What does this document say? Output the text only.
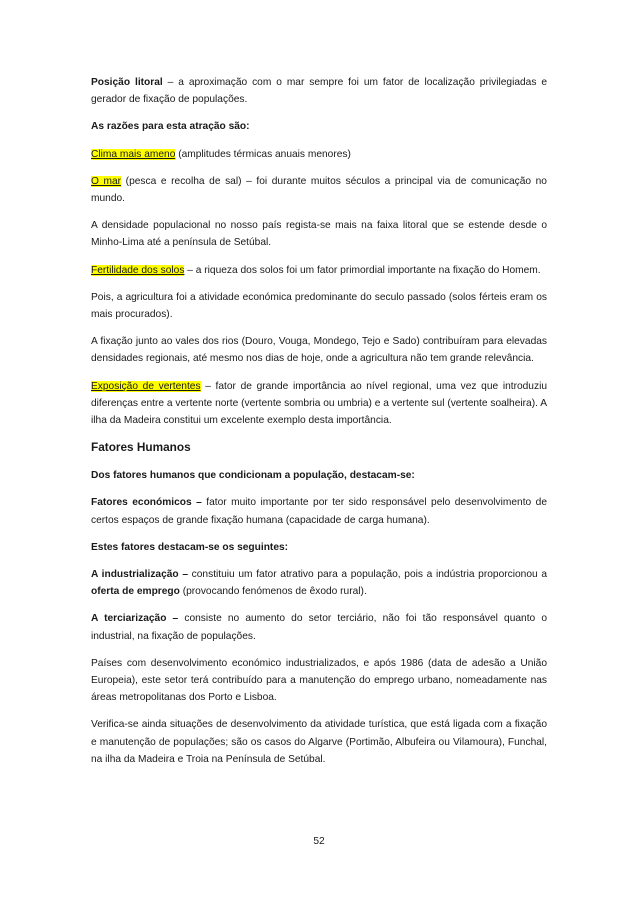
Posição litoral – a aproximação com o mar sempre foi um fator de localização privilegiadas e gerador de fixação de populações.

As razões para esta atração são:

Clima mais ameno (amplitudes térmicas anuais menores)

O mar (pesca e recolha de sal) – foi durante muitos séculos a principal via de comunicação no mundo.

A densidade populacional no nosso país regista-se mais na faixa litoral que se estende desde o Minho-Lima até a península de Setúbal.

Fertilidade dos solos – a riqueza dos solos foi um fator primordial importante na fixação do Homem.

Pois, a agricultura foi a atividade económica predominante do seculo passado (solos férteis eram os mais procurados).

A fixação junto ao vales dos rios (Douro, Vouga, Mondego, Tejo e Sado) contribuíram para elevadas densidades regionais, até mesmo nos dias de hoje, onde a agricultura não tem grande relevância.

Exposição de vertentes – fator de grande importância ao nível regional, uma vez que introduziu diferenças entre a vertente norte (vertente sombria ou umbria) e a vertente sul (vertente soalheira). A ilha da Madeira constitui um excelente exemplo desta importância.

Fatores Humanos

Dos fatores humanos que condicionam a população, destacam-se:

Fatores económicos – fator muito importante por ter sido responsável pelo desenvolvimento de certos espaços de grande fixação humana (capacidade de carga humana).

Estes fatores destacam-se os seguintes:

A industrialização – constituiu um fator atrativo para a população, pois a indústria proporcionou a oferta de emprego (provocando fenómenos de êxodo rural).

A terciarização – consiste no aumento do setor terciário, não foi tão responsável quanto o industrial, na fixação de populações.

Países com desenvolvimento económico industrializados, e após 1986 (data de adesão a União Europeia), este setor terá contribuído para a manutenção do emprego urbano, nomeadamente nas áreas metropolitanas dos Porto e Lisboa.

Verifica-se ainda situações de desenvolvimento da atividade turística, que está ligada com a fixação e manutenção de populações; são os casos do Algarve (Portimão, Albufeira ou Vilamoura), Funchal, na ilha da Madeira e Troia na Península de Setúbal.

52
